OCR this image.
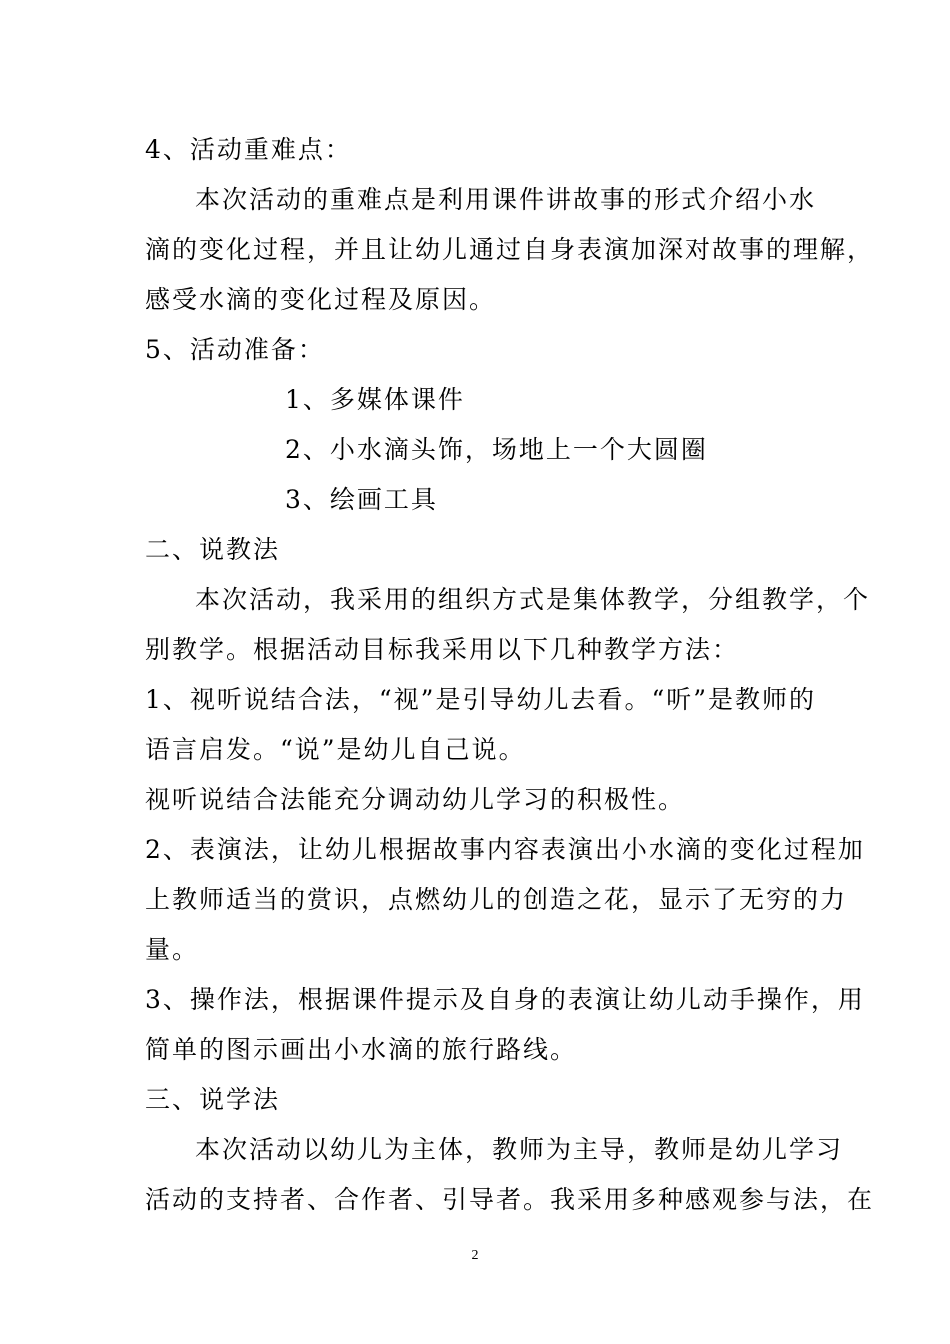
4、活动重难点：
本次活动的重难点是利用课件讲故事的形式介绍小水
滴的变化过程，并且让幼儿通过自身表演加深对故事的理解，
感受水滴的变化过程及原因。
5、活动准备：
1、多媒体课件
2、小水滴头饰，场地上一个大圆圈
3、绘画工具
二、说教法
本次活动，我采用的组织方式是集体教学，分组教学，个
别教学。根据活动目标我采用以下几种教学方法：
1、视听说结合法，“视”是引导幼儿去看。“听”是教师的
语言启发。“说”是幼儿自己说。
视听说结合法能充分调动幼儿学习的积极性。
2、表演法，让幼儿根据故事内容表演出小水滴的变化过程加
上教师适当的赏识，点燃幼儿的创造之花，显示了无穷的力
量。
3、操作法，根据课件提示及自身的表演让幼儿动手操作，用
简单的图示画出小水滴的旅行路线。
三、说学法
本次活动以幼儿为主体，教师为主导，教师是幼儿学习
活动的支持者、合作者、引导者。我采用多种感观参与法，在
2
